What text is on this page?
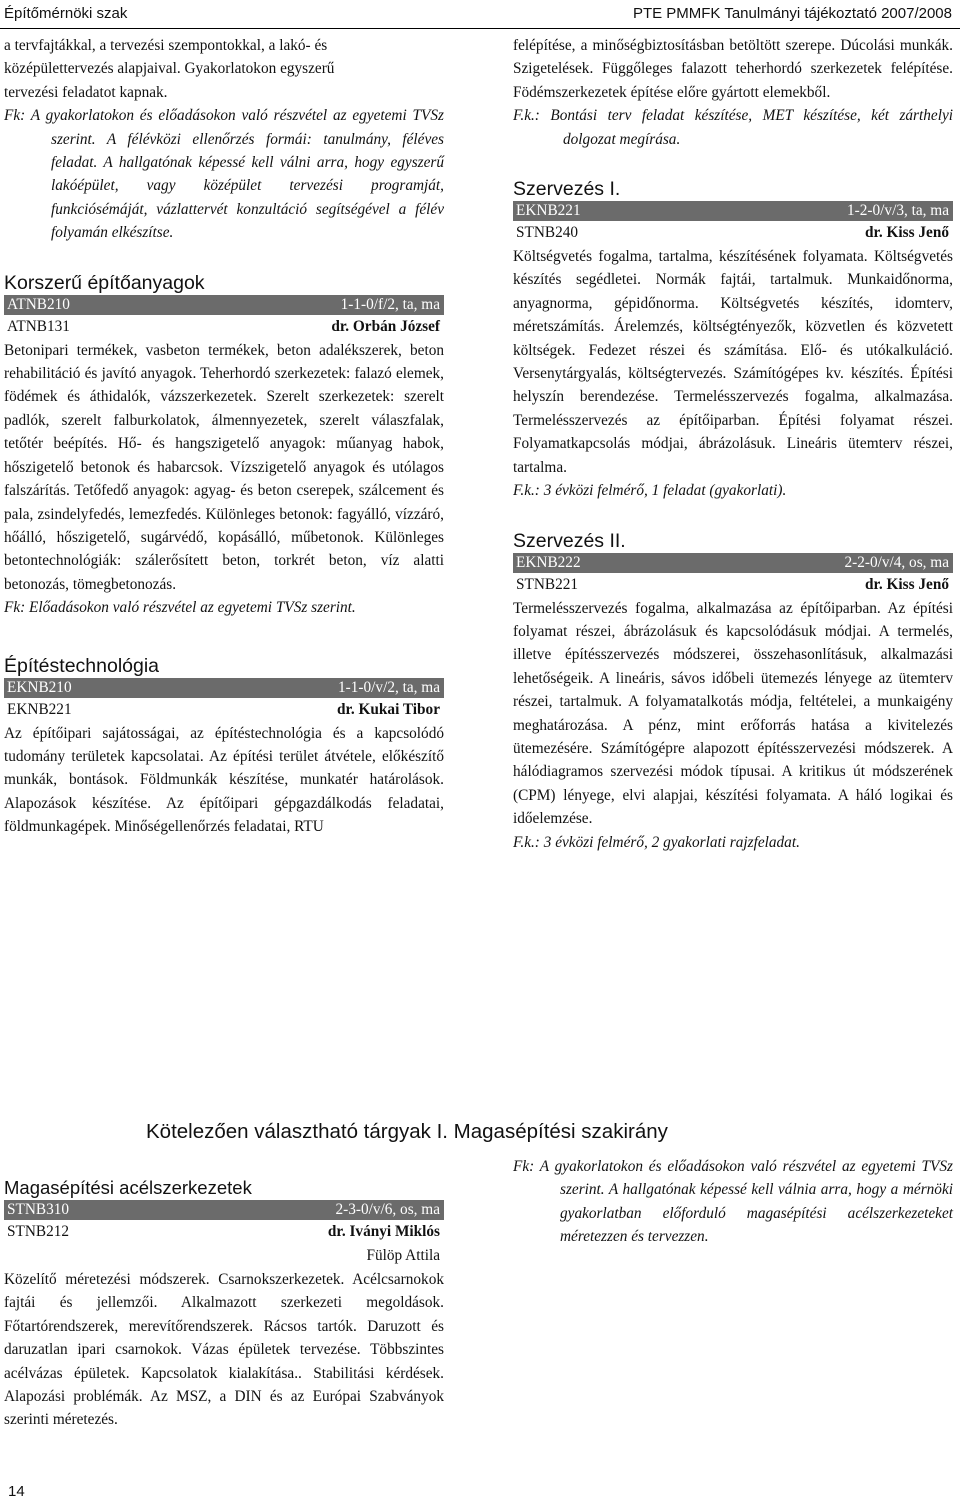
Építőmérnöki szak	PTE PMMFK Tanulmányi tájékoztató 2007/2008
a tervfajtákkal, a tervezési szempontokkal, a lakó- és
középülettervezés alapjaival. Gyakorlatokon egyszerű
tervezési feladatot kapnak.
Fk: A gyakorlatokon és előadásokon való részvétel az egyetemi TVSz szerint. A félévközi ellenőrzés formái: tanulmány, féléves feladat. A hallgatónak képessé kell válni arra, hogy egyszerű lakóépület, vagy középület tervezési programját, funkciósémáját, vázlattervét konzultáció segítségével a félév folyamán elkészítse.
Korszerű építőanyagok
ATNB210	1-1-0/f/2, ta, ma
ATNB131	dr. Orbán József
Betonipari termékek, vasbeton termékek, beton adalékszerek, beton rehabilitáció és javító anyagok. Teherhordó szerkezetek: falazó elemek, födémek és áthidalók, vázszerkezetek. Szerelt szerkezetek: szerelt padlók, szerelt falburkolatok, álmennyezetek, szerelt válaszfalak, tetőtér beépítés. Hő- és hangszigetelő anyagok: műanyag habok, hőszigetelő betonok és habarcsok. Vízszigetelő anyagok és utólagos falszárítás. Tetőfedő anyagok: agyag- és beton cserepek, szálcement és pala, zsindelyfedés, lemezfedés. Különleges betonok: fagyálló, vízzáró, hőálló, hőszigetelő, sugárvédő, kopásálló, műbetonok. Különleges betontechnológiák: szálerősített beton, torkrét beton, víz alatti betonozás, tömegbetonozás.
Fk: Előadásokon való részvétel az egyetemi TVSz szerint.
Építéstechnológia
EKNB210	1-1-0/v/2, ta, ma
EKNB221	dr. Kukai Tibor
Az építőipari sajátosságai, az építéstechnológia és a kapcsolódó tudomány területek kapcsolatai. Az építési terület átvétele, előkészítő munkák, bontások. Földmunkák készítése, munkatér határolások. Alapozások készítése. Az építőipari gépgazdálkodás feladatai, földmunkagépek. Minőségellenőrzés feladatai, RTU
felépítése, a minőségbiztosításban betöltött szerepe. Dúcolási munkák. Szigetelések. Függőleges falazott teherhordó szerkezetek felépítése. Födémszerkezetek építése előre gyártott elemekből.
F.k.: Bontási terv feladat készítése, MET készítése, két zárthelyi dolgozat megírása.
Szervezés I.
EKNB221	1-2-0/v/3, ta, ma
STNB240	dr. Kiss Jenő
Költségvetés fogalma, tartalma, készítésének folyamata. Költségvetés készítés segédletei. Normák fajtái, tartalmuk. Munkaidőnorma, anyagnorma, gépidőnorma. Költségvetés készítés, idomterv, méretszámítás. Árelemzés, költségtényezők, közvetlen és közvetett költségek. Fedezet részei és számítása. Elő- és utókalkuláció. Versenytárgyalás, költségtervezés. Számítógépes kv. készítés. Építési helyszín berendezése. Termelésszervezés fogalma, alkalmazása. Termelésszervezés az építőiparban. Építési folyamat részei. Folyamatkapcsolás módjai, ábrázolásuk. Lineáris ütemterv részei, tartalma.
F.k.: 3 évközi felmérő, 1 feladat (gyakorlati).
Szervezés II.
EKNB222	2-2-0/v/4, os, ma
STNB221	dr. Kiss Jenő
Termelésszervezés fogalma, alkalmazása az építőiparban. Az építési folyamat részei, ábrázolásuk és kapcsolódásuk módjai. A termelés, illetve építésszervezés módszerei, összehasonlításuk, alkalmazási lehetőségeik. A lineáris, sávos időbeli ütemezés lényege az ütemterv részei, tartalmuk. A folyamatalkotás módja, feltételei, a munkaigény meghatározása. A pénz, mint erőforrás hatása a kivitelezés ütemezésére. Számítógépre alapozott építésszervezési módszerek. A hálódiagramos szervezési módok típusai. A kritikus út módszerének (CPM) lényege, elvi alapjai, készítési folyamata. A háló logikai és időelemzése.
F.k.: 3 évközi felmérő, 2 gyakorlati rajzfeladat.
Kötelezően választható tárgyak I. Magasépítési szakirány
Magasépítési acélszerkezetek
STNB310	2-3-0/v/6, os, ma
STNB212	dr. Iványi Miklós
Fülöp Attila
Közelítő méretezési módszerek. Csarnokszerkezetek. Acélcsarnokok fajtái és jellemzői. Alkalmazott szerkezeti megoldások. Főtartórendszerek, merevítőrendszerek. Rácsos tartók. Daruzott és daruzatlan ipari csarnokok. Vázas épületek tervezése. Többszintes acélvázas épületek. Kapcsolatok kialakítása.. Stabilitási kérdések. Alapozási problémák. Az MSZ, a DIN és az Európai Szabványok szerinti méretezés.
Fk: A gyakorlatokon és előadásokon való részvétel az egyetemi TVSz szerint. A hallgatónak képessé kell válnia arra, hogy a mérnöki gyakorlatban előforduló magasépítési acélszerkezeteket méretezzen és tervezzen.
14
